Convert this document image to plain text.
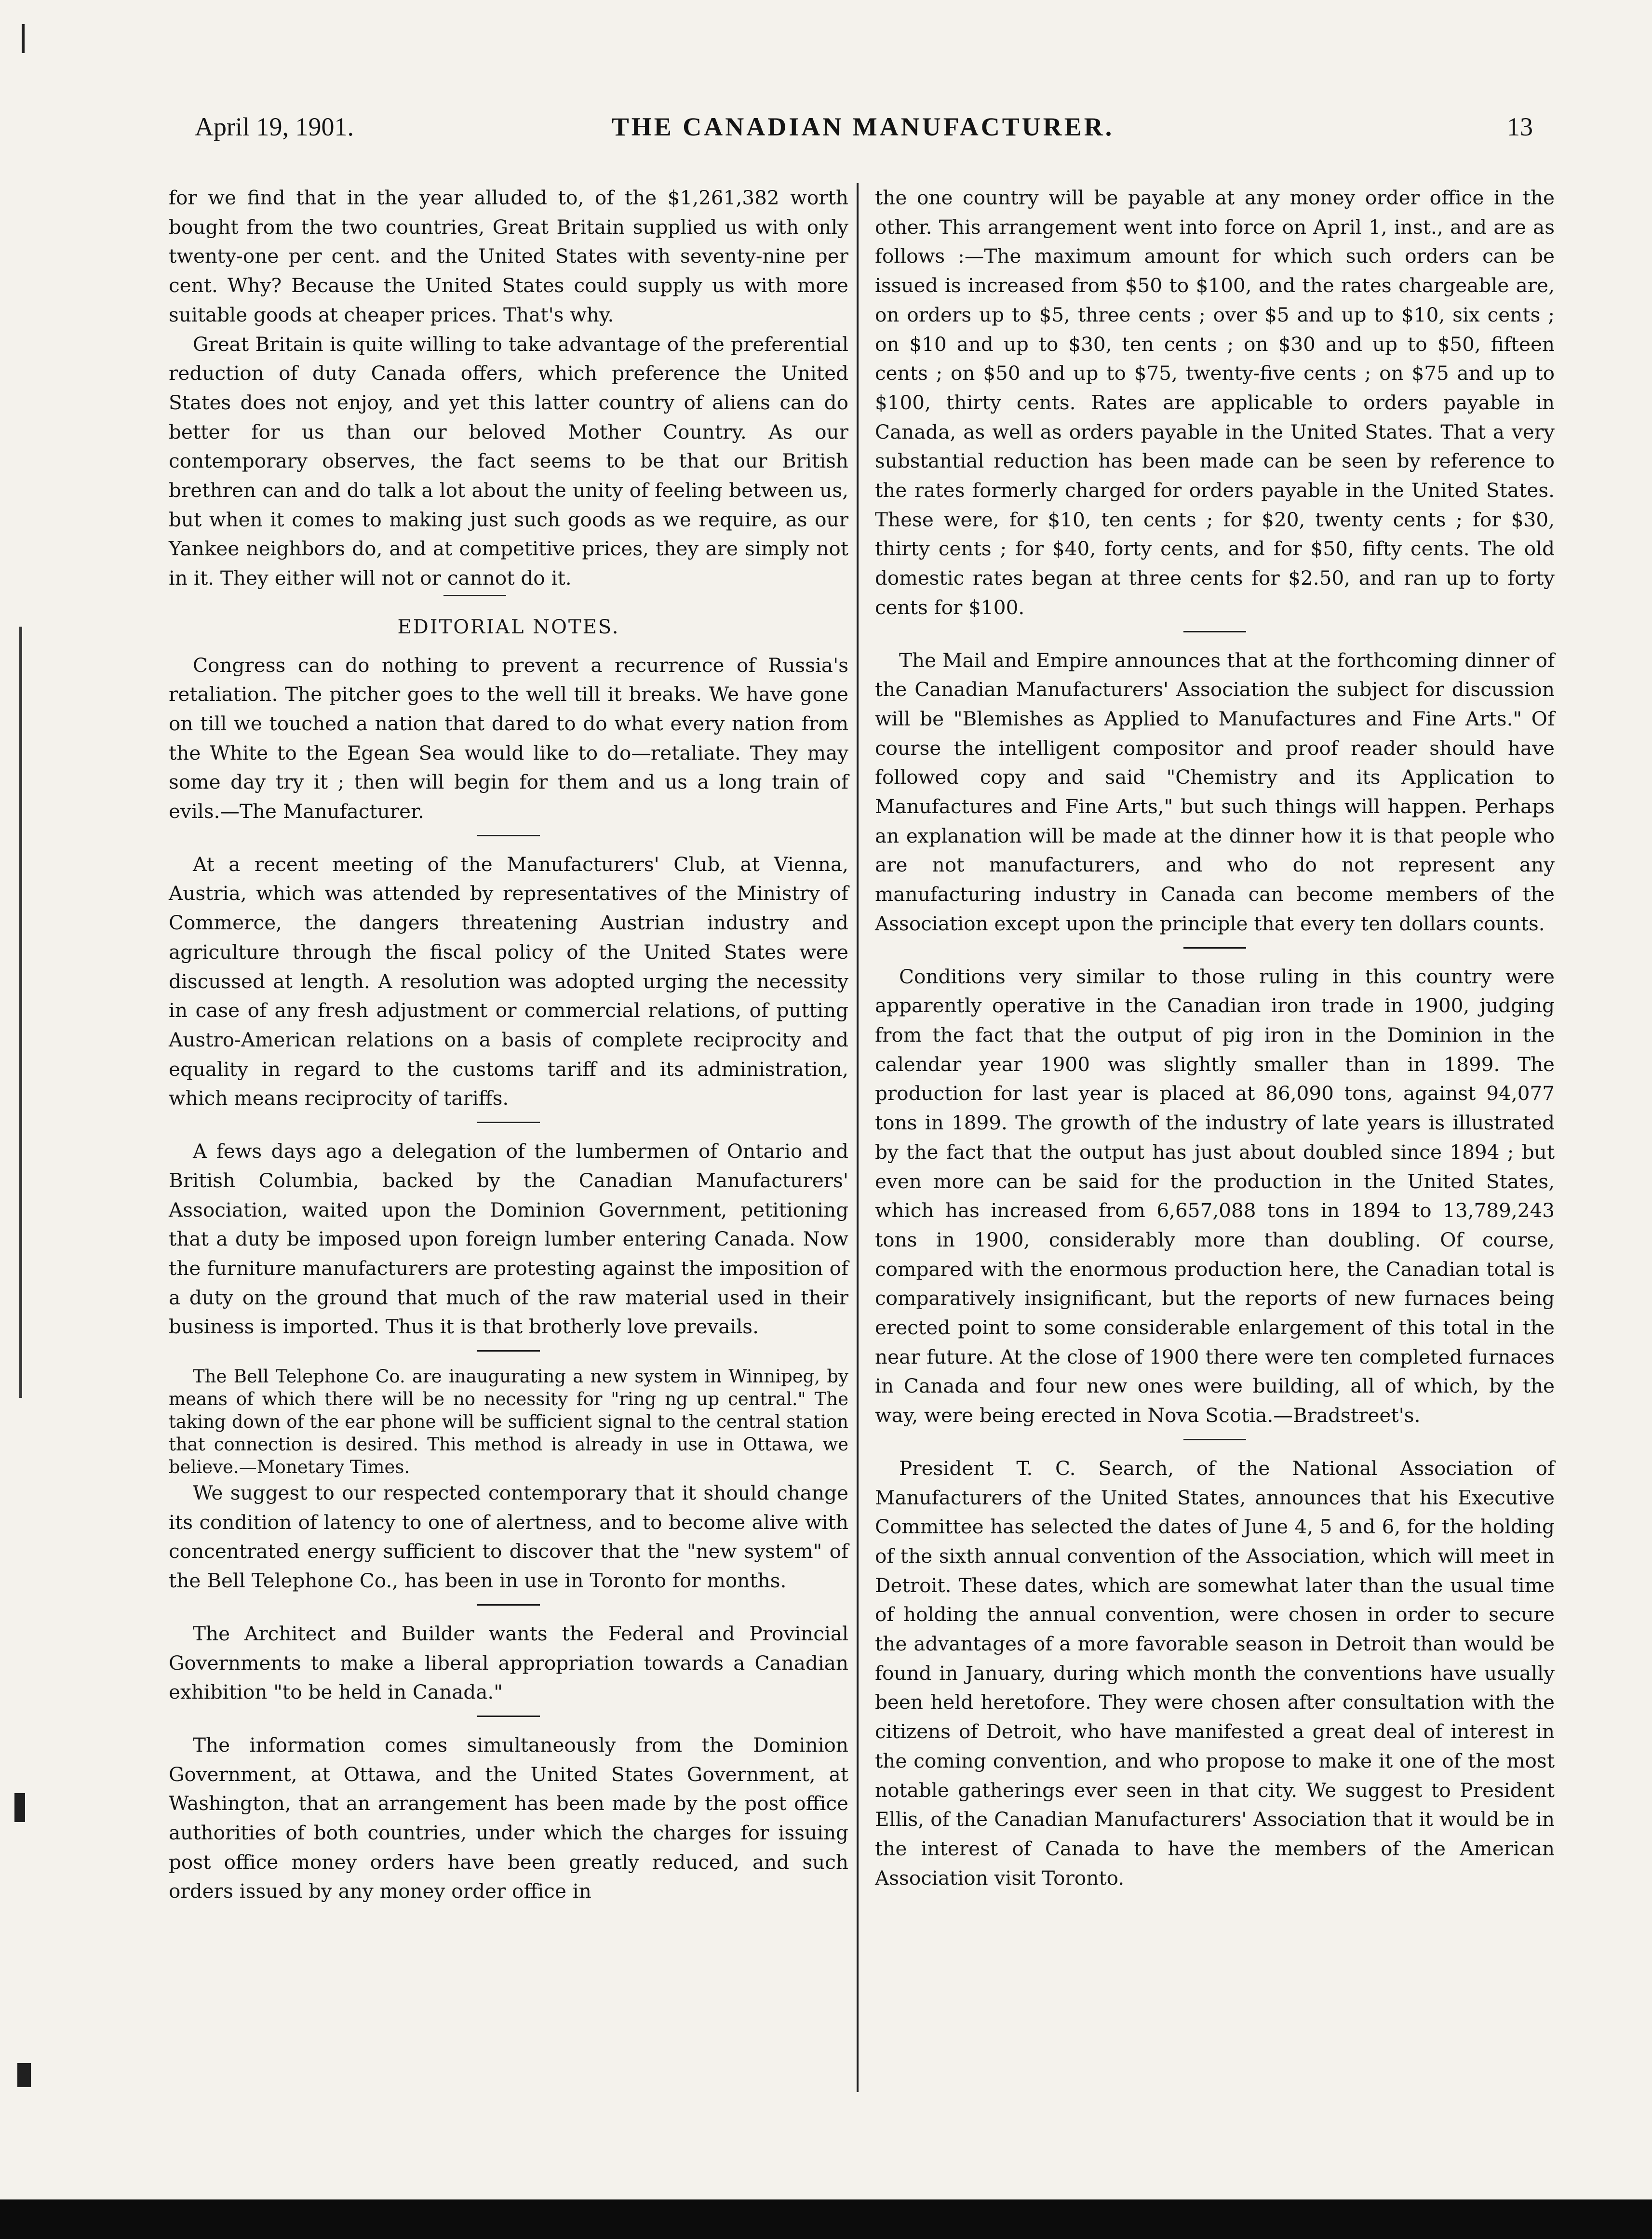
April 19, 1901.	THE CANADIAN MANUFACTURER.	13

for we find that in the year alluded to, of the $1,261,382 worth bought from the two countries, Great Britain supplied us with only twenty-one per cent. and the United States with seventy-nine per cent. Why? Because the United States could supply us with more suitable goods at cheaper prices. That's why.

Great Britain is quite willing to take advantage of the preferential reduction of duty Canada offers, which preference the United States does not enjoy, and yet this latter country of aliens can do better for us than our beloved Mother Country. As our contemporary observes, the fact seems to be that our British brethren can and do talk a lot about the unity of feeling between us, but when it comes to making just such goods as we require, as our Yankee neighbors do, and at competitive prices, they are simply not in it. They either will not or cannot do it.

EDITORIAL NOTES.

Congress can do nothing to prevent a recurrence of Russia's retaliation. The pitcher goes to the well till it breaks. We have gone on till we touched a nation that dared to do what every nation from the White to the Egean Sea would like to do—retaliate. They may some day try it ; then will begin for them and us a long train of evils.—The Manufacturer.

At a recent meeting of the Manufacturers' Club, at Vienna, Austria, which was attended by representatives of the Ministry of Commerce, the dangers threatening Austrian industry and agriculture through the fiscal policy of the United States were discussed at length. A resolution was adopted urging the necessity in case of any fresh adjustment or commercial relations, of putting Austro-American relations on a basis of complete reciprocity and equality in regard to the customs tariff and its administration, which means reciprocity of tariffs.

A fews days ago a delegation of the lumbermen of Ontario and British Columbia, backed by the Canadian Manufacturers' Association, waited upon the Dominion Government, petitioning that a duty be imposed upon foreign lumber entering Canada. Now the furniture manufacturers are protesting against the imposition of a duty on the ground that much of the raw material used in their business is imported. Thus it is that brotherly love prevails.

The Bell Telephone Co. are inaugurating a new system in Winnipeg, by means of which there will be no necessity for "ring ng up central." The taking down of the ear phone will be sufficient signal to the central station that connection is desired. This method is already in use in Ottawa, we believe.—Monetary Times.

We suggest to our respected contemporary that it should change its condition of latency to one of alertness, and to become alive with concentrated energy sufficient to discover that the "new system" of the Bell Telephone Co., has been in use in Toronto for months.

The Architect and Builder wants the Federal and Provincial Governments to make a liberal appropriation towards a Canadian exhibition "to be held in Canada."

The information comes simultaneously from the Dominion Government, at Ottawa, and the United States Government, at Washington, that an arrangement has been made by the post office authorities of both countries, under which the charges for issuing post office money orders have been greatly reduced, and such orders issued by any money order office in

the one country will be payable at any money order office in the other. This arrangement went into force on April 1, inst., and are as follows :—The maximum amount for which such orders can be issued is increased from $50 to $100, and the rates chargeable are, on orders up to $5, three cents ; over $5 and up to $10, six cents ; on $10 and up to $30, ten cents ; on $30 and up to $50, fifteen cents ; on $50 and up to $75, twenty-five cents ; on $75 and up to $100, thirty cents. Rates are applicable to orders payable in Canada, as well as orders payable in the United States. That a very substantial reduction has been made can be seen by reference to the rates formerly charged for orders payable in the United States. These were, for $10, ten cents ; for $20, twenty cents ; for $30, thirty cents ; for $40, forty cents, and for $50, fifty cents. The old domestic rates began at three cents for $2.50, and ran up to forty cents for $100.

The Mail and Empire announces that at the forthcoming dinner of the Canadian Manufacturers' Association the subject for discussion will be "Blemishes as Applied to Manufactures and Fine Arts." Of course the intelligent compositor and proof reader should have followed copy and said "Chemistry and its Application to Manufactures and Fine Arts," but such things will happen. Perhaps an explanation will be made at the dinner how it is that people who are not manufacturers, and who do not represent any manufacturing industry in Canada can become members of the Association except upon the principle that every ten dollars counts.

Conditions very similar to those ruling in this country were apparently operative in the Canadian iron trade in 1900, judging from the fact that the output of pig iron in the Dominion in the calendar year 1900 was slightly smaller than in 1899. The production for last year is placed at 86,090 tons, against 94,077 tons in 1899. The growth of the industry of late years is illustrated by the fact that the output has just about doubled since 1894 ; but even more can be said for the production in the United States, which has increased from 6,657,088 tons in 1894 to 13,789,243 tons in 1900, considerably more than doubling. Of course, compared with the enormous production here, the Canadian total is comparatively insignificant, but the reports of new furnaces being erected point to some considerable enlargement of this total in the near future. At the close of 1900 there were ten completed furnaces in Canada and four new ones were building, all of which, by the way, were being erected in Nova Scotia.—Bradstreet's.

President T. C. Search, of the National Association of Manufacturers of the United States, announces that his Executive Committee has selected the dates of June 4, 5 and 6, for the holding of the sixth annual convention of the Association, which will meet in Detroit. These dates, which are somewhat later than the usual time of holding the annual convention, were chosen in order to secure the advantages of a more favorable season in Detroit than would be found in January, during which month the conventions have usually been held heretofore. They were chosen after consultation with the citizens of Detroit, who have manifested a great deal of interest in the coming convention, and who propose to make it one of the most notable gatherings ever seen in that city. We suggest to President Ellis, of the Canadian Manufacturers' Association that it would be in the interest of Canada to have the members of the American Association visit Toronto.
